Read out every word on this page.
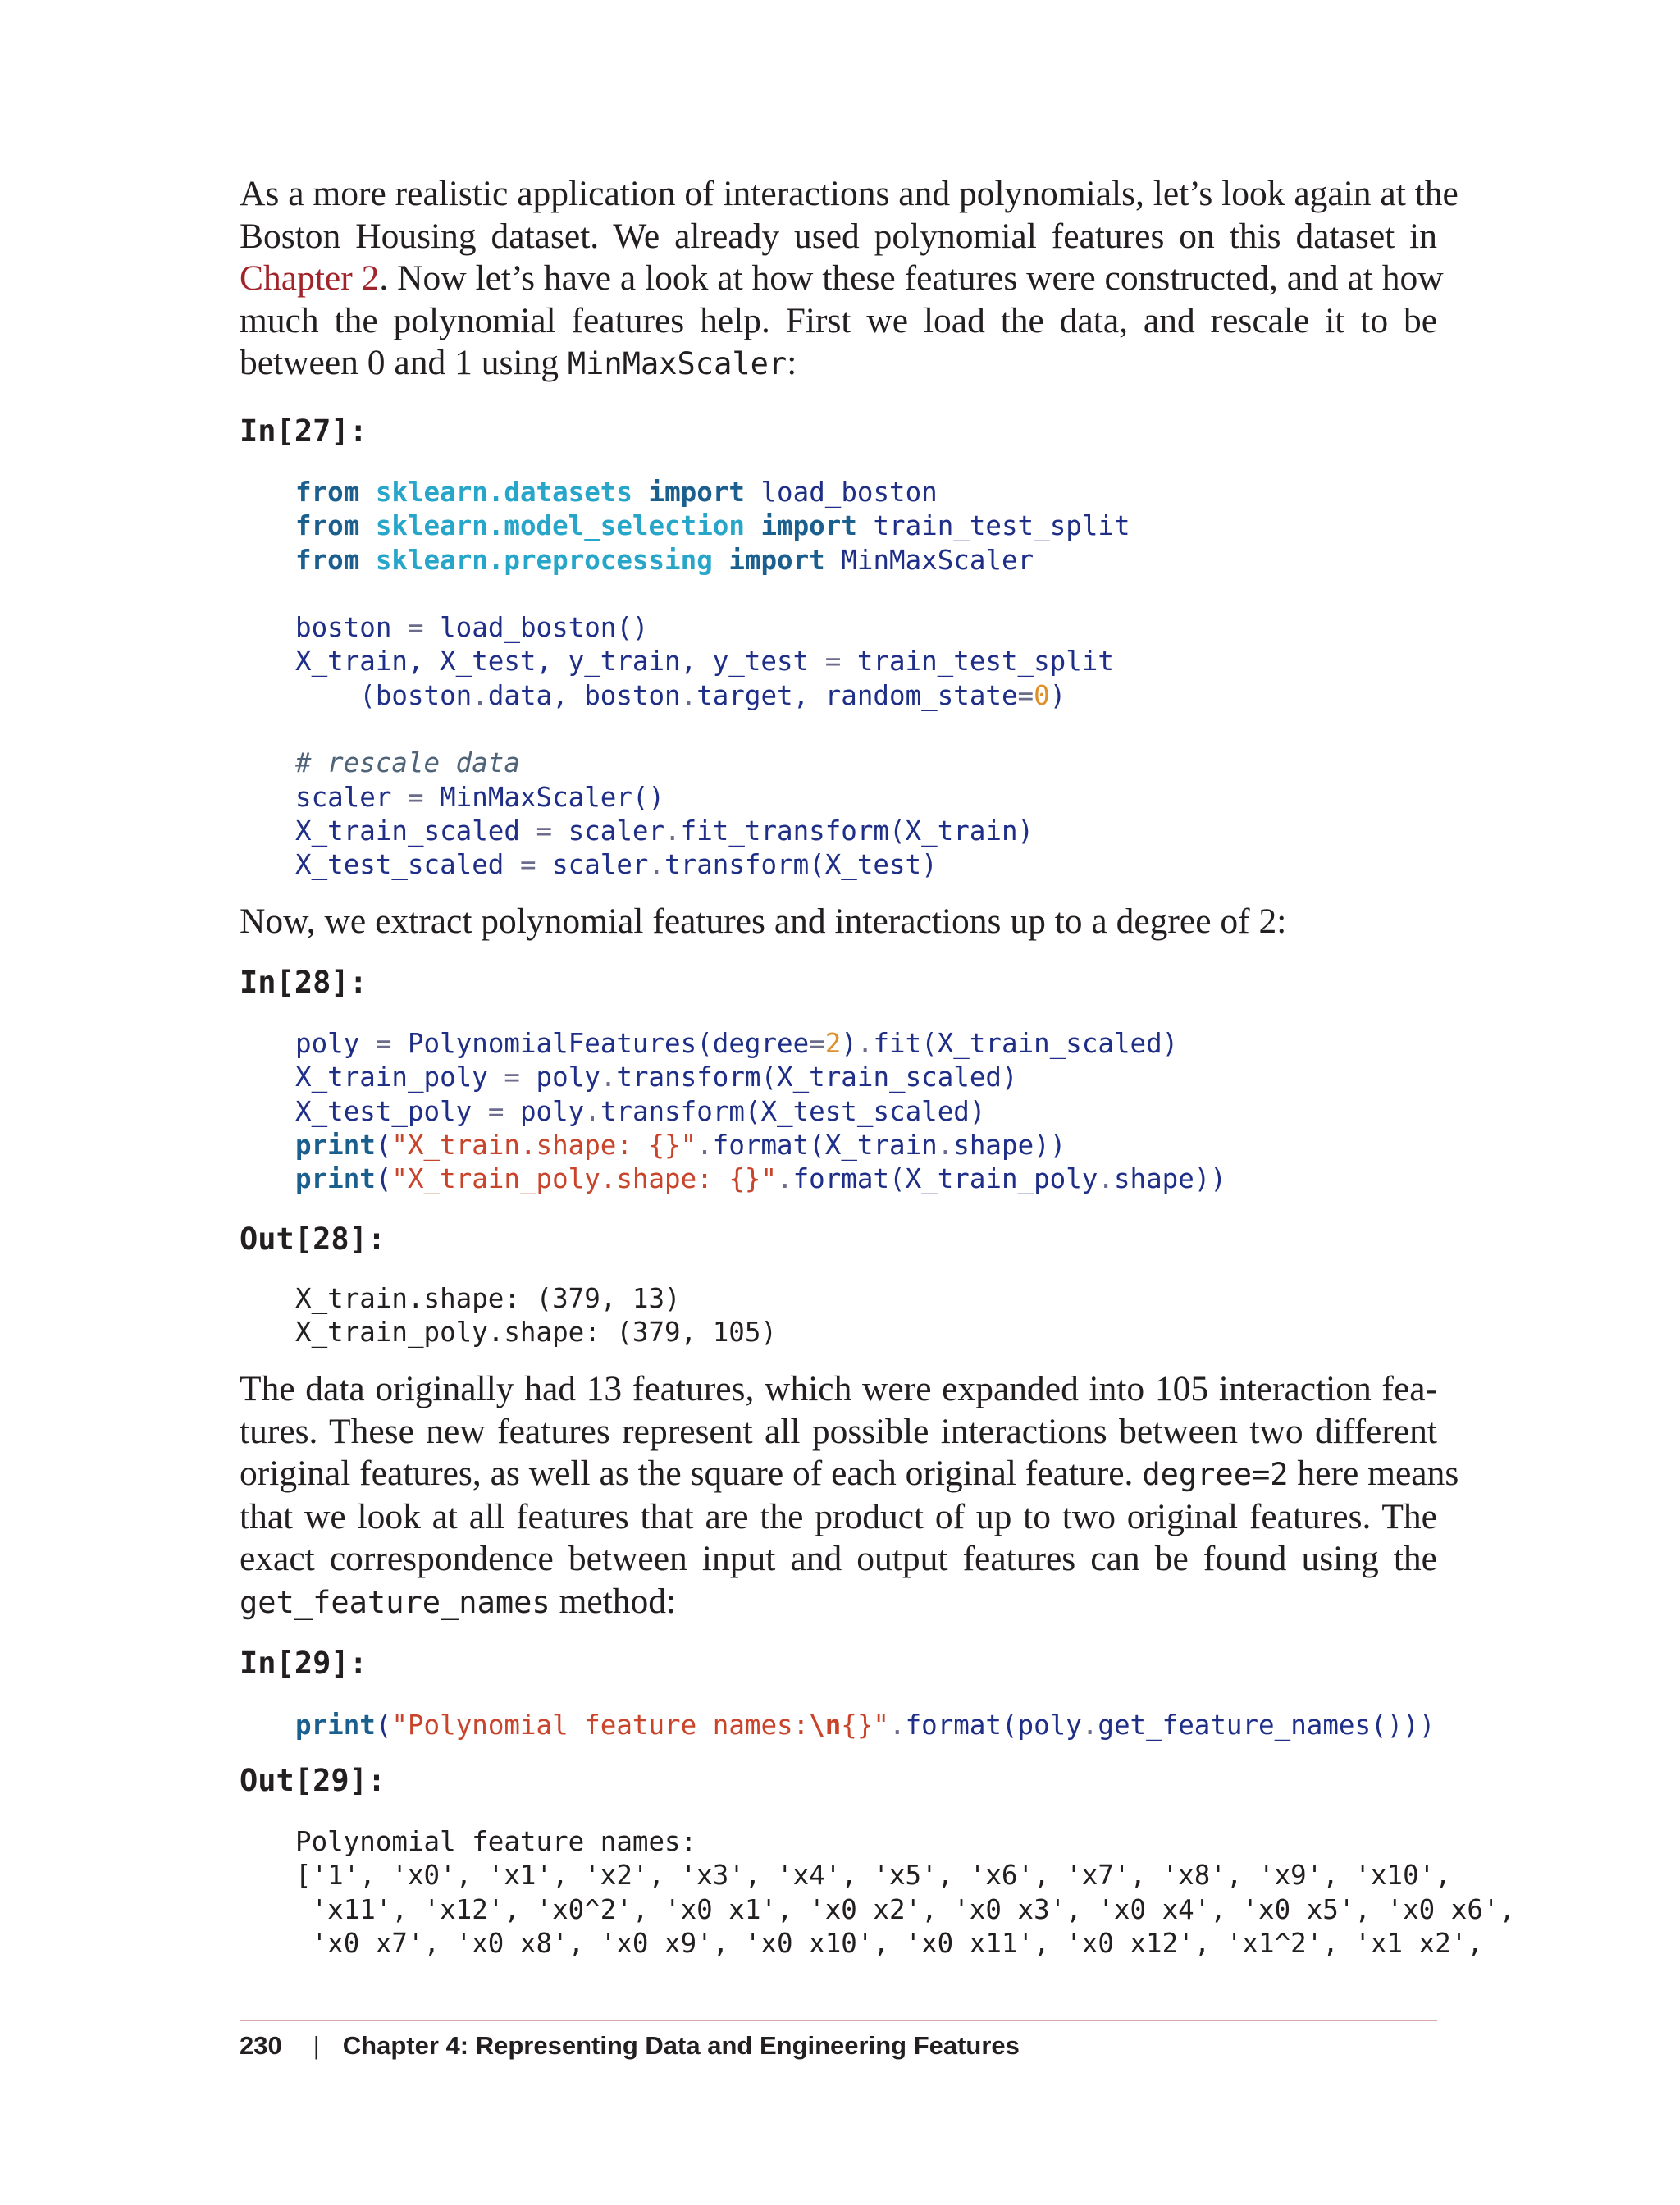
As a more realistic application of interactions and polynomials, let’s look again at the
Boston Housing dataset. We already used polynomial features on this dataset in
Chapter 2. Now let’s have a look at how these features were constructed, and at how
much the polynomial features help. First we load the data, and rescale it to be
between 0 and 1 using MinMaxScaler:
In[27]:
from sklearn.datasets import load_boston
from sklearn.model_selection import train_test_split
from sklearn.preprocessing import MinMaxScaler
boston = load_boston()
X_train, X_test, y_train, y_test = train_test_split
(boston.data, boston.target, random_state=0)
# rescale data
scaler = MinMaxScaler()
X_train_scaled = scaler.fit_transform(X_train)
X_test_scaled = scaler.transform(X_test)
Now, we extract polynomial features and interactions up to a degree of 2:
In[28]:
poly = PolynomialFeatures(degree=2).fit(X_train_scaled)
X_train_poly = poly.transform(X_train_scaled)
X_test_poly = poly.transform(X_test_scaled)
print("X_train.shape: {}".format(X_train.shape))
print("X_train_poly.shape: {}".format(X_train_poly.shape))
Out[28]:
X_train.shape: (379, 13)
X_train_poly.shape: (379, 105)
The data originally had 13 features, which were expanded into 105 interaction fea-
tures. These new features represent all possible interactions between two different
original features, as well as the square of each original feature. degree=2 here means
that we look at all features that are the product of up to two original features. The
exact correspondence between input and output features can be found using the
get_feature_names method:
In[29]:
print("Polynomial feature names:\n{}".format(poly.get_feature_names()))
Out[29]:
Polynomial feature names:
['1', 'x0', 'x1', 'x2', 'x3', 'x4', 'x5', 'x6', 'x7', 'x8', 'x9', 'x10',
'x11', 'x12', 'x0^2', 'x0 x1', 'x0 x2', 'x0 x3', 'x0 x4', 'x0 x5', 'x0 x6',
'x0 x7', 'x0 x8', 'x0 x9', 'x0 x10', 'x0 x11', 'x0 x12', 'x1^2', 'x1 x2',
230 | Chapter 4: Representing Data and Engineering Features
